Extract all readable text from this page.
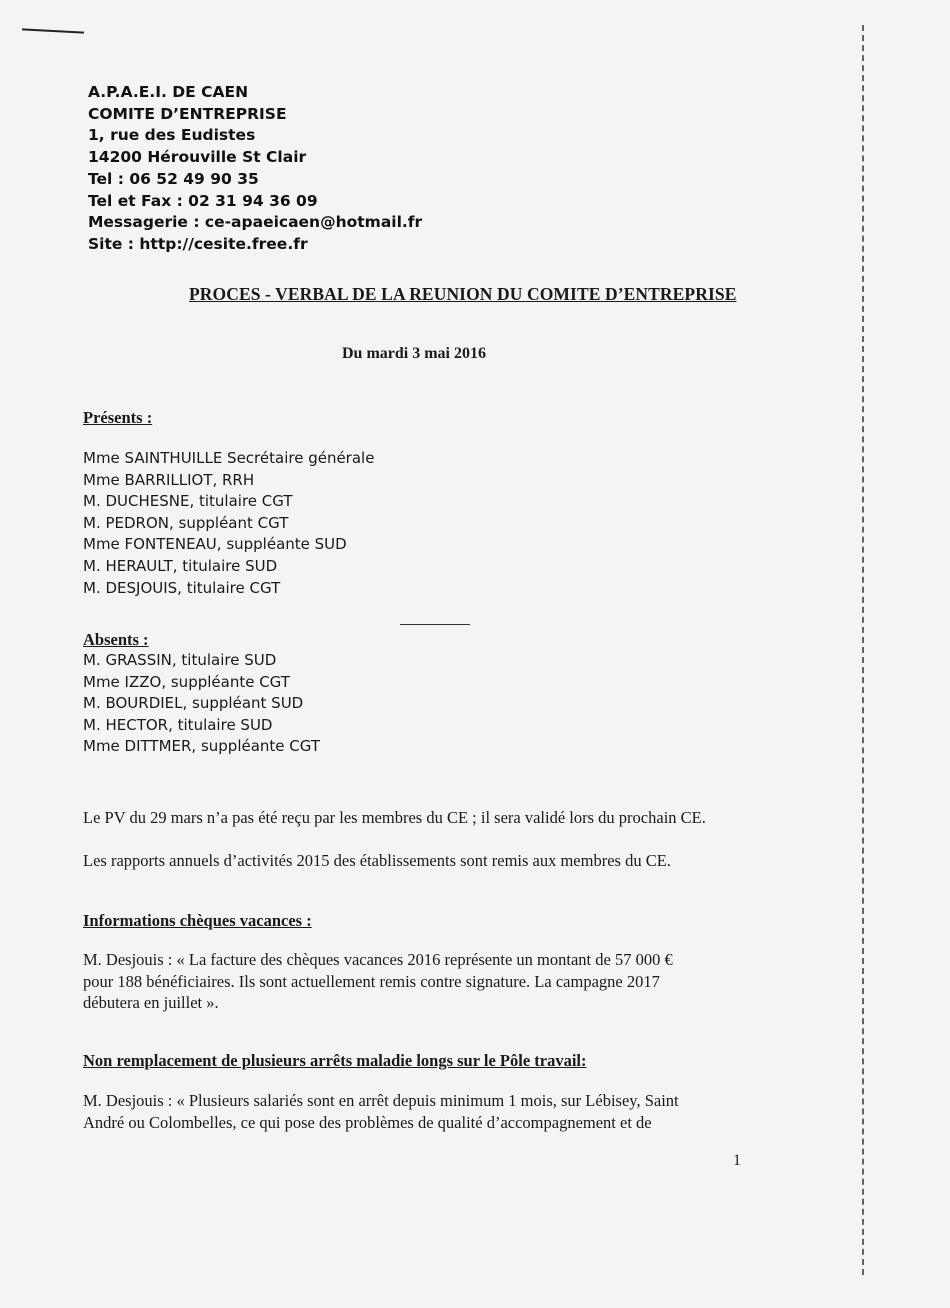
A.P.A.E.I. DE CAEN
COMITE D’ENTREPRISE
1, rue des Eudistes
14200 Hérouville St Clair
Tel : 06 52 49 90 35
Tel et Fax : 02 31 94 36 09
Messagerie : ce-apaeicaen@hotmail.fr
Site : http://cesite.free.fr
PROCES - VERBAL DE LA REUNION DU COMITE D’ENTREPRISE
Du mardi 3 mai 2016
Présents :
Mme SAINTHUILLE Secrétaire générale
Mme BARRILLIOT, RRH
M. DUCHESNE, titulaire CGT
M. PEDRON, suppléant CGT
Mme FONTENEAU, suppléante SUD
M. HERAULT, titulaire SUD
M. DESJOUIS, titulaire CGT
Absents :
M. GRASSIN, titulaire SUD
Mme IZZO, suppléante CGT
M. BOURDIEL, suppléant SUD
M. HECTOR, titulaire SUD
Mme DITTMER, suppléante CGT
Le PV du 29 mars n’a pas été reçu par les membres du CE ; il sera validé lors du prochain CE.
Les rapports annuels d’activités 2015 des établissements sont remis aux membres du CE.
Informations chèques vacances :
M. Desjouis : « La facture des chèques vacances 2016 représente un montant de 57 000 €
pour 188 bénéficiaires. Ils sont actuellement remis contre signature. La campagne 2017
débutera en juillet ».
Non remplacement de plusieurs arrêts maladie longs sur le Pôle travail:
M. Desjouis : « Plusieurs salariés sont en arrêt depuis minimum 1 mois, sur Lébisey, Saint
André ou Colombelles, ce qui pose des problèmes de qualité d’accompagnement et de
1
